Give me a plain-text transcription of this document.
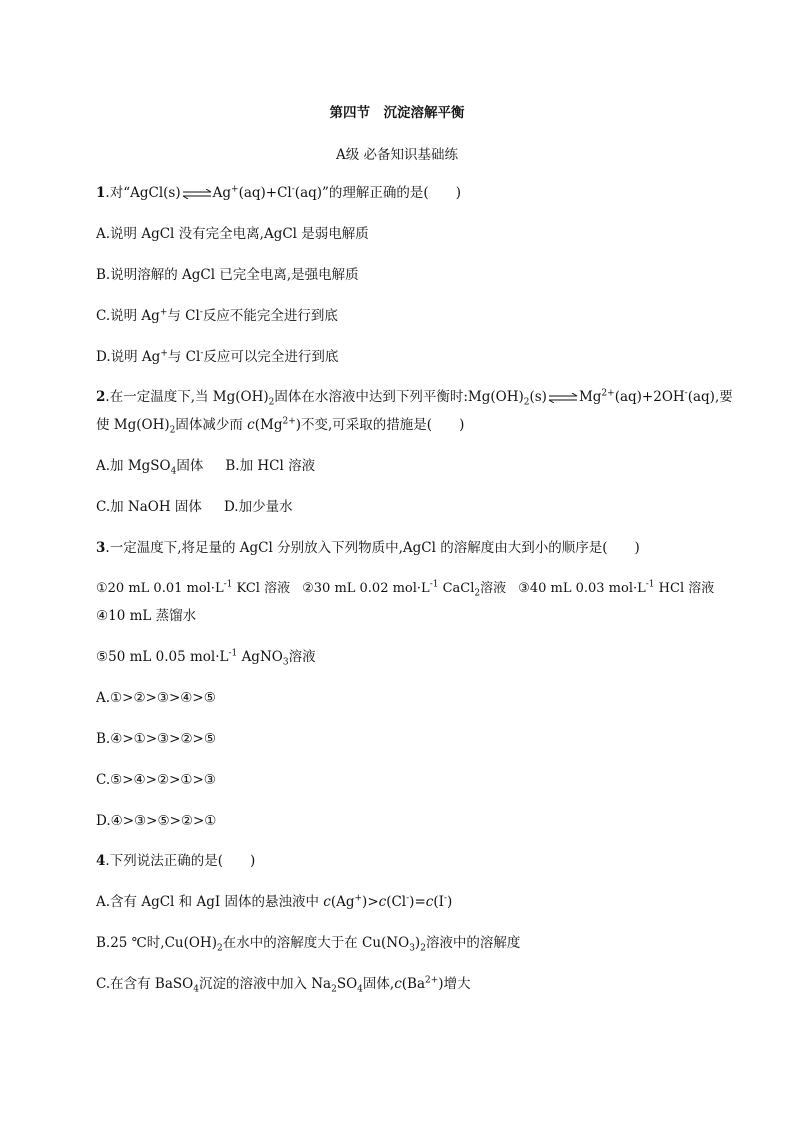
第四节　沉淀溶解平衡
A级 必备知识基础练
1.对“AgCl(s)⇌Ag+(aq)+Cl-(aq)”的理解正确的是(　　)
A.说明 AgCl 没有完全电离,AgCl 是弱电解质
B.说明溶解的 AgCl 已完全电离,是强电解质
C.说明 Ag+与 Cl-反应不能完全进行到底
D.说明 Ag+与 Cl-反应可以完全进行到底
2.在一定温度下,当 $Mg(OH)_2$固体在水溶液中达到下列平衡时$:Mg(OH)_2(s)\rightleftharpoons Mg^{2+}(aq)+2OH^-(aq)$,要
使 $Mg(OH)_2$固体减少而 $c(Mg^{2+})$不变,可采取的措施是(　　)
A.加 MgSO$_4$固体 B.加 HCl 溶液
C.加 NaOH 固体 D.加少量水
3.一定温度下,将足量的 AgCl 分别放入下列物质中,AgCl 的溶解度由大到小的顺序是(　　)
①20 mL 0.01 $mol\cdot L^{-1}$ KCl 溶液 ②30 mL 0.02 $mol\cdot L^{-1}$ CaCl$_2$溶液 ③40 mL 0.03 $mol\cdot L^{-1}$ HCl 溶液
④10 mL 蒸馏水
⑤50 mL 0.05 $mol\cdot L^{-1}$ AgNO$_3$溶液
A.①>②>③>④>⑤
B.④>①>③>②>⑤
C.⑤>④>②>①>③
D.④>③>⑤>②>①
4.下列说法正确的是(　　)
A.含有 AgCl 和 AgI 固体的悬浊液中 c(Ag+)>c(Cl-)=c(I-)
B.25 ℃时$,Cu(OH)_2$在水中的溶解度大于在 $Cu(NO_3)_2$溶液中的溶解度
C.在含有 BaSO$_4$沉淀的溶液中加入 $Na_2SO_4$固体$,c(Ba^{2+})$增大
